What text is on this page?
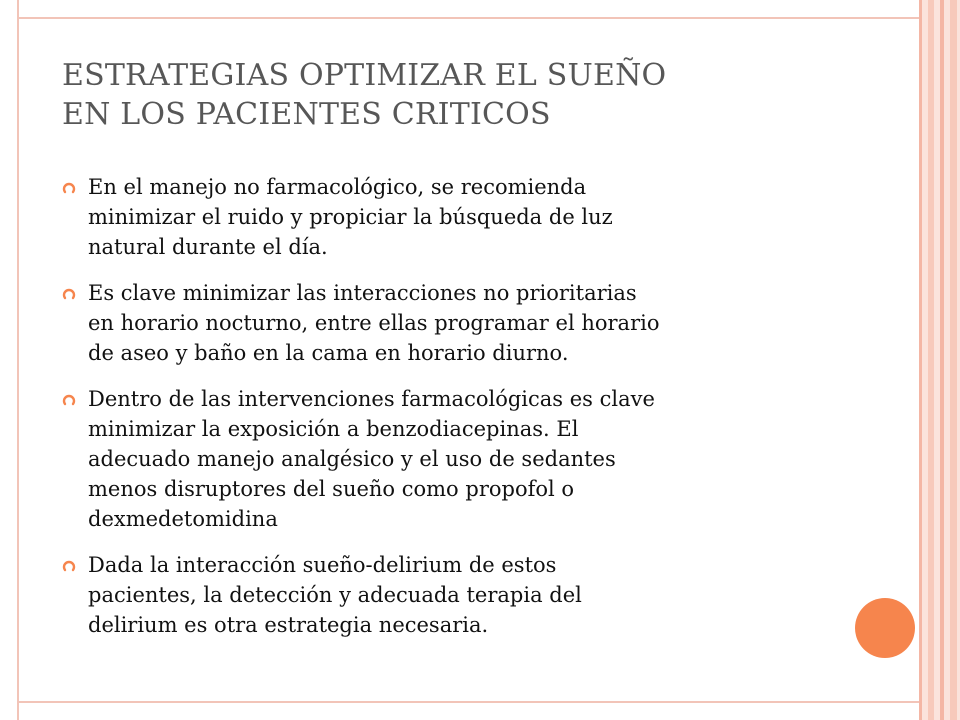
ESTRATEGIAS OPTIMIZAR EL SUEÑO
EN LOS PACIENTES CRITICOS
En el manejo no farmacológico, se recomienda
minimizar el ruido y propiciar la búsqueda de luz
natural durante el día.
Es clave minimizar las interacciones no prioritarias
en horario nocturno, entre ellas programar el horario
de aseo y baño en la cama en horario diurno.
Dentro de las intervenciones farmacológicas es clave
minimizar la exposición a benzodiacepinas. El
adecuado manejo analgésico y el uso de sedantes
menos disruptores del sueño como propofol o
dexmedetomidina
Dada la interacción sueño-delirium de estos
pacientes, la detección y adecuada terapia del
delirium es otra estrategia necesaria.
